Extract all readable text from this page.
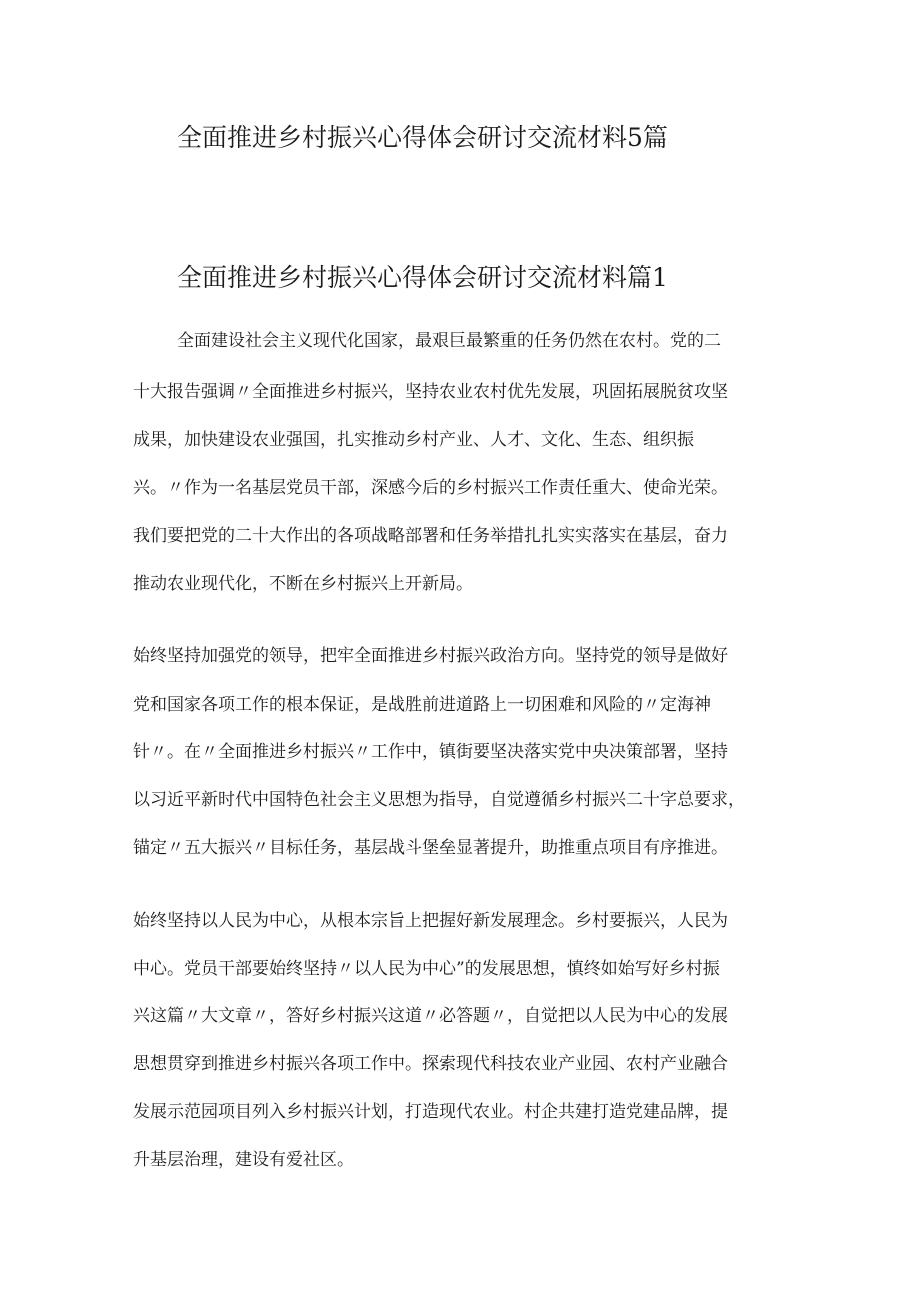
全面推进乡村振兴心得体会研讨交流材料5篇
全面推进乡村振兴心得体会研讨交流材料篇1
全面建设社会主义现代化国家，最艰巨最繁重的任务仍然在农村。党的二
十大报告强调〃全面推进乡村振兴，坚持农业农村优先发展，巩固拓展脱贫攻坚
成果，加快建设农业强国，扎实推动乡村产业、人才、文化、生态、组织振
兴。〃作为一名基层党员干部，深感今后的乡村振兴工作责任重大、使命光荣。
我们要把党的二十大作出的各项战略部署和任务举措扎扎实实落实在基层，奋力
推动农业现代化，不断在乡村振兴上开新局。
始终坚持加强党的领导，把牢全面推进乡村振兴政治方向。坚持党的领导是做好
党和国家各项工作的根本保证，是战胜前进道路上一切困难和风险的〃定海神
针〃。在〃全面推进乡村振兴〃工作中，镇街要坚决落实党中央决策部署，坚持
以习近平新时代中国特色社会主义思想为指导，自觉遵循乡村振兴二十字总要求，
锚定〃五大振兴〃目标任务，基层战斗堡垒显著提升，助推重点项目有序推进。
始终坚持以人民为中心，从根本宗旨上把握好新发展理念。乡村要振兴，人民为
中心。党员干部要始终坚持〃以人民为中心”的发展思想，慎终如始写好乡村振
兴这篇〃大文章〃，答好乡村振兴这道〃必答题〃，自觉把以人民为中心的发展
思想贯穿到推进乡村振兴各项工作中。探索现代科技农业产业园、农村产业融合
发展示范园项目列入乡村振兴计划，打造现代农业。村企共建打造党建品牌，提
升基层治理，建设有爱社区。
